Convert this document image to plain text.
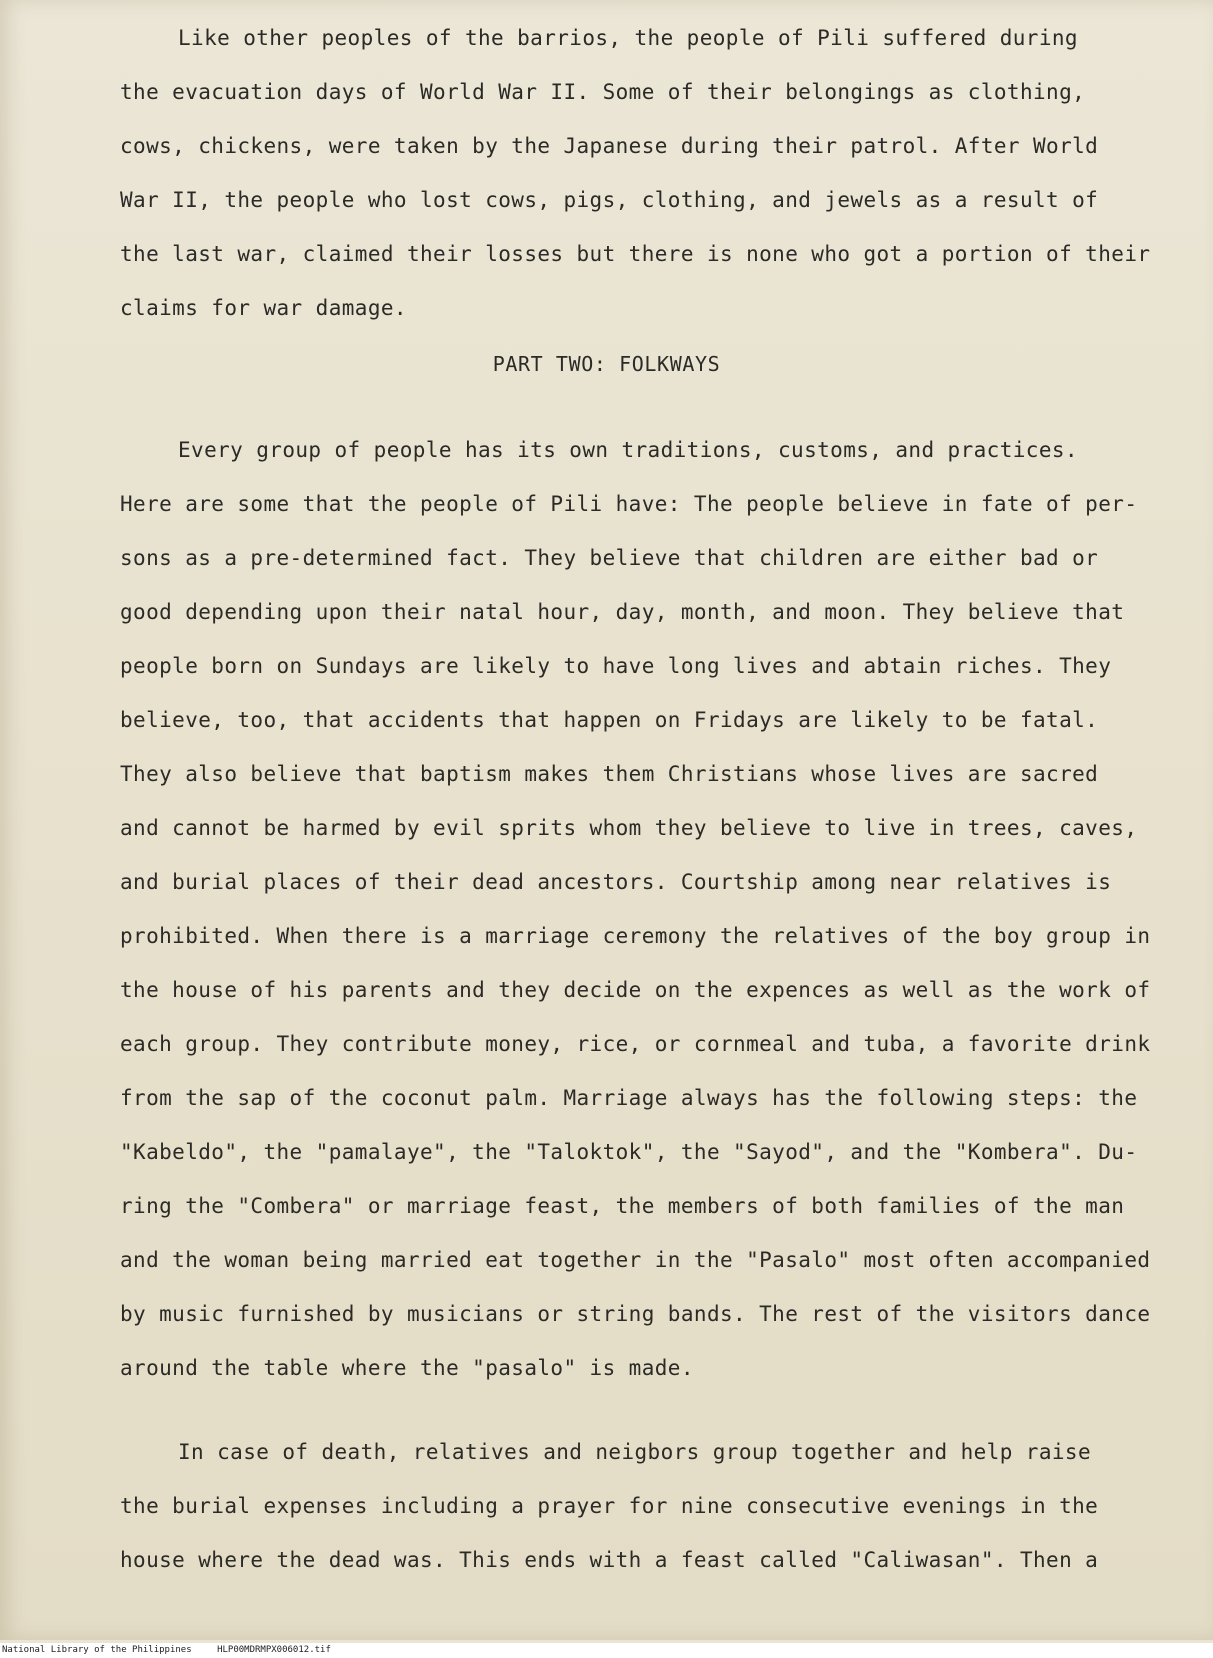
Like other peoples of the barrios, the people of Pili suffered during
the evacuation days of World War II. Some of their belongings as clothing,
cows, chickens, were taken by the Japanese during their patrol. After World
War II, the people who lost cows, pigs, clothing, and jewels as a result of
the last war, claimed their losses but there is none who got a portion of their
claims for war damage.
PART TWO: FOLKWAYS
Every group of people has its own traditions, customs, and practices.
Here are some that the people of Pili have: The people believe in fate of per-
sons as a pre-determined fact. They believe that children are either bad or
good depending upon their natal hour, day, month, and moon. They believe that
people born on Sundays are likely to have long lives and abtain riches. They
believe, too, that accidents that happen on Fridays are likely to be fatal.
They also believe that baptism makes them Christians whose lives are sacred
and cannot be harmed by evil sprits whom they believe to live in trees, caves,
and burial places of their dead ancestors. Courtship among near relatives is
prohibited. When there is a marriage ceremony the relatives of the boy group in
the house of his parents and they decide on the expences as well as the work of
each group. They contribute money, rice, or cornmeal and tuba, a favorite drink
from the sap of the coconut palm. Marriage always has the following steps: the
"Kabeldo", the "pamalaye", the "Taloktok", the "Sayod", and the "Kombera". Du-
ring the "Combera" or marriage feast, the members of both families of the man
and the woman being married eat together in the "Pasalo" most often accompanied
by music furnished by musicians or string bands. The rest of the visitors dance
around the table where the "pasalo" is made.
In case of death, relatives and neigbors group together and help raise
the burial expenses including a prayer for nine consecutive evenings in the
house where the dead was. This ends with a feast called "Caliwasan". Then a
National Library of the Philippines	HLP00MDRMPX006012.tif
